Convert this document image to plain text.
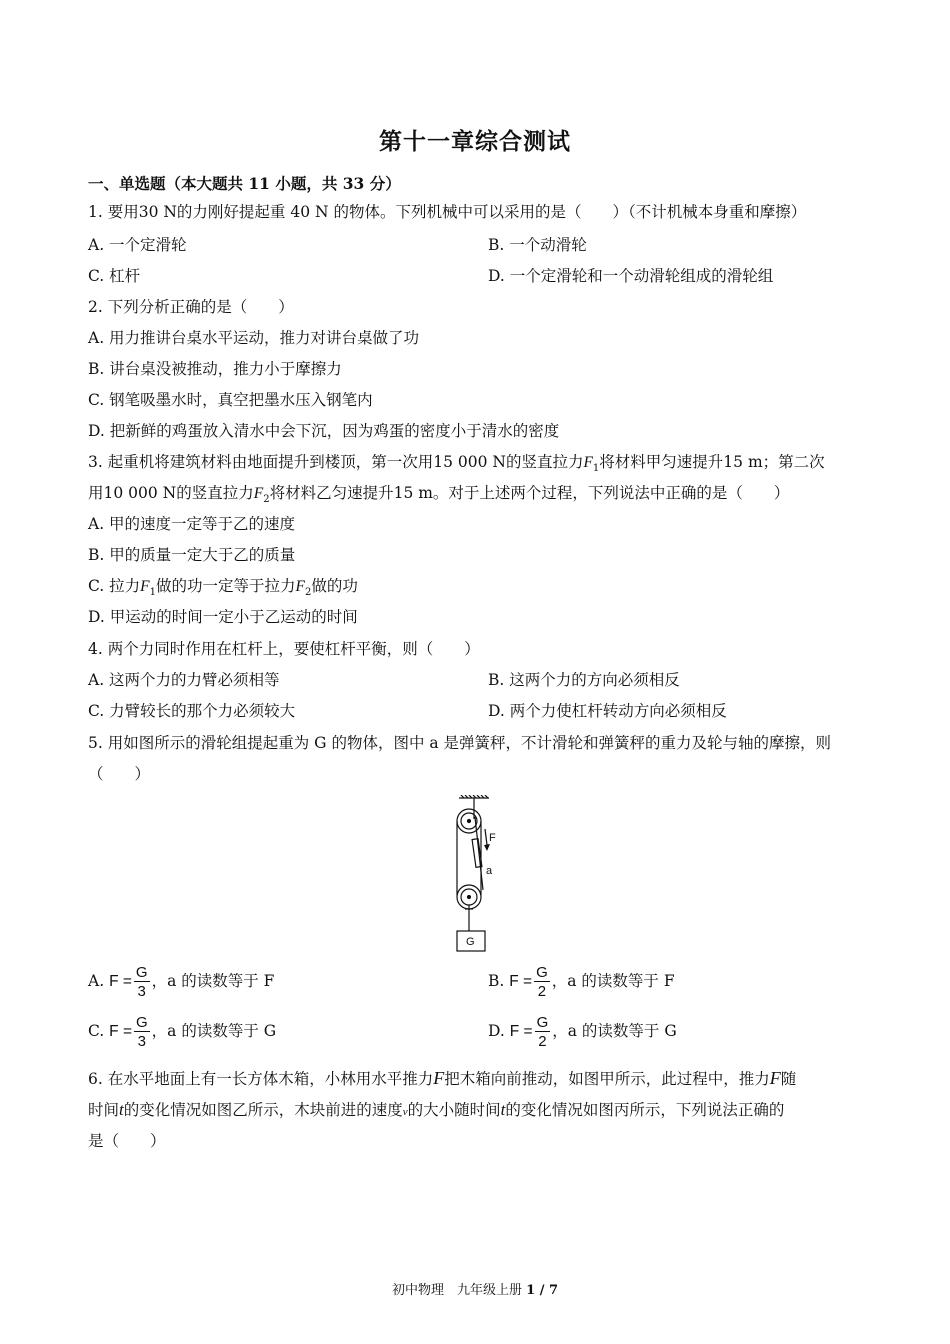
第十一章综合测试
一、单选题（本大题共 11 小题，共 33 分）
1. 要用30 N的力刚好提起重 40 N 的物体。下列机械中可以采用的是（　　）（不计机械本身重和摩擦）
A. 一个定滑轮	B. 一个动滑轮
C. 杠杆	D. 一个定滑轮和一个动滑轮组成的滑轮组
2. 下列分析正确的是（　　）
A. 用力推讲台桌水平运动，推力对讲台桌做了功
B. 讲台桌没被推动，推力小于摩擦力
C. 钢笔吸墨水时，真空把墨水压入钢笔内
D. 把新鲜的鸡蛋放入清水中会下沉，因为鸡蛋的密度小于清水的密度
3. 起重机将建筑材料由地面提升到楼顶，第一次用15 000 N的竖直拉力$F_1$将材料甲匀速提升15 m；第二次
用10 000 N的竖直拉力$F_2$将材料乙匀速提升15 m。对于上述两个过程，下列说法中正确的是（　　）
A. 甲的速度一定等于乙的速度
B. 甲的质量一定大于乙的质量
C. 拉力$F_1$做的功一定等于拉力$F_2$做的功
D. 甲运动的时间一定小于乙运动的时间
4. 两个力同时作用在杠杆上，要使杠杆平衡，则（　　）
A. 这两个力的力臂必须相等	B. 这两个力的方向必须相反
C. 力臂较长的那个力必须较大	D. 两个力使杠杆转动方向必须相反
5. 用如图所示的滑轮组提起重为 G 的物体，图中 a 是弹簧秤，不计滑轮和弹簧秤的重力及轮与轴的摩擦，则
（　　）
F
a
G
A. $F = \frac{G}{3}$ ，a 的读数等于 F	B. $F = \frac{G}{2}$ ，a 的读数等于 F
C. $F = \frac{G}{3}$ ，a 的读数等于 G	D. $F = \frac{G}{2}$ ，a 的读数等于 G
6. 在水平地面上有一长方体木箱，小林用水平推力F把木箱向前推动，如图甲所示，此过程中，推力F随
时间t的变化情况如图乙所示，木块前进的速度v的大小随时间t的变化情况如图丙所示，下列说法正确的
是（　　）
初中物理　九年级上册 1 / 7
